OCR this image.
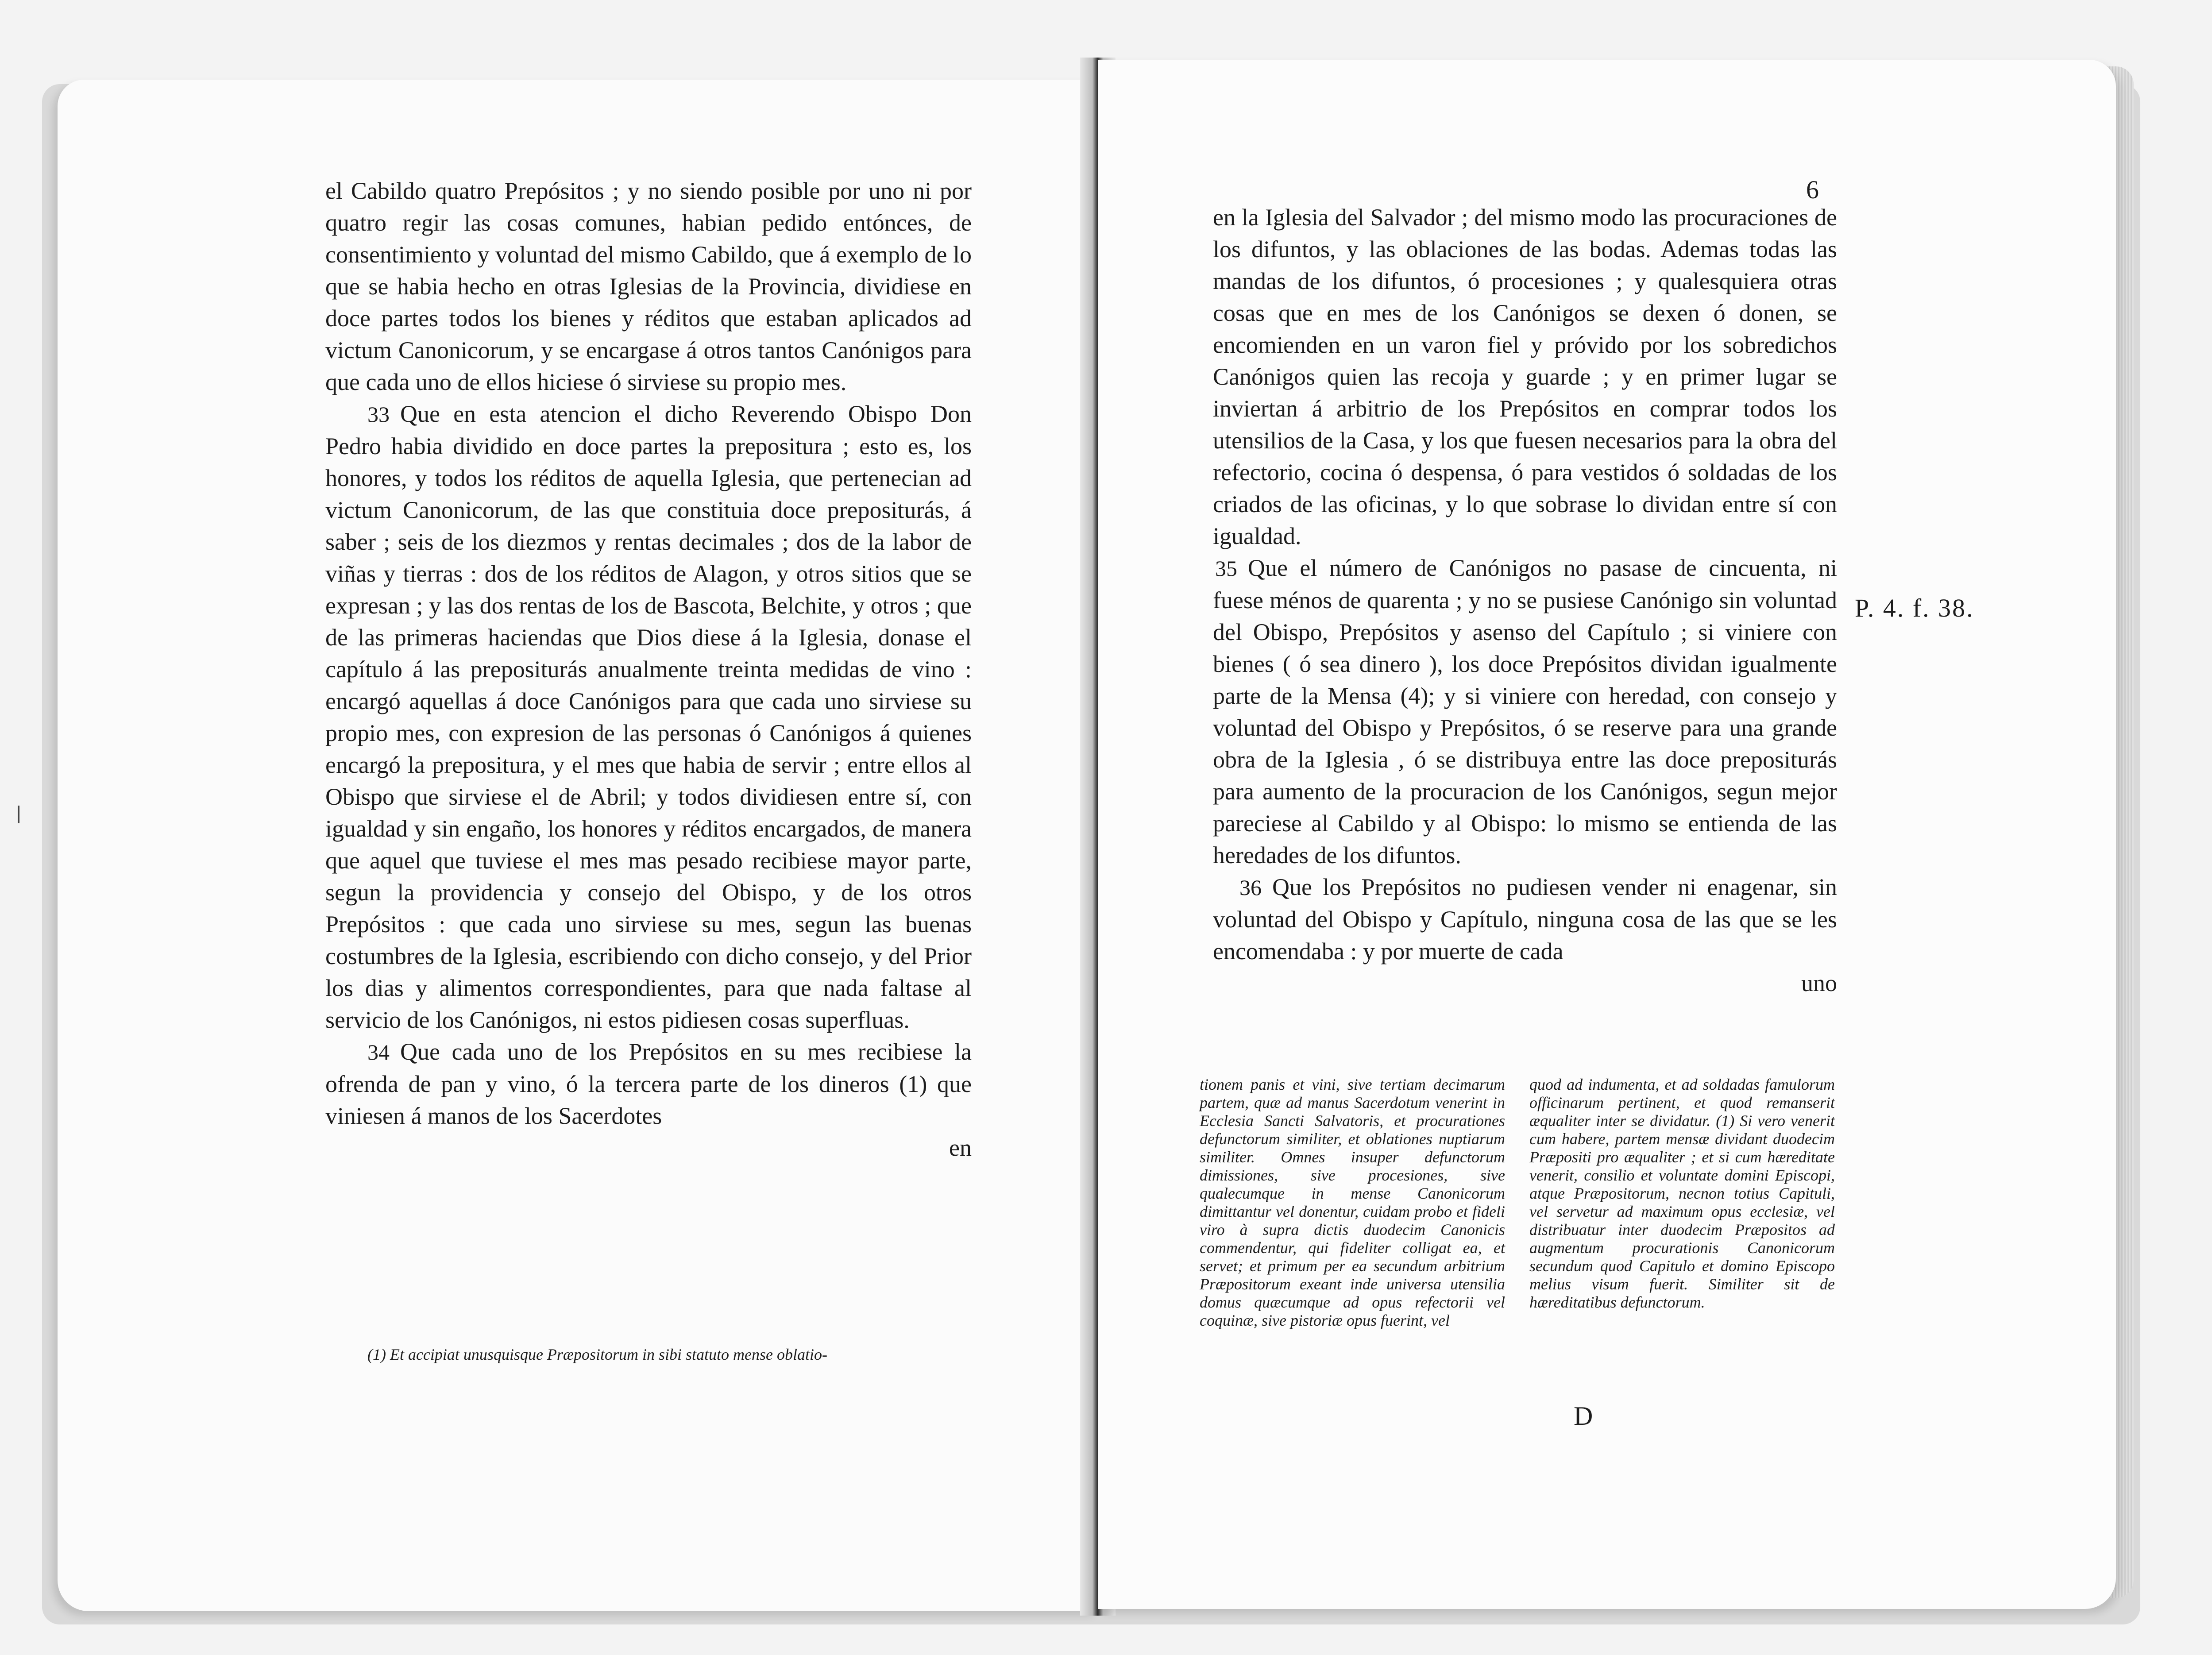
el Cabildo quatro Prepósitos ; y no siendo posible por uno ni por quatro regir las cosas comunes, habian pedido entónces, de consentimiento y voluntad del mismo Cabildo, que á exemplo de lo que se habia hecho en otras Iglesias de la Provincia, dividiese en doce partes todos los bienes y réditos que estaban aplicados ad victum Canonicorum, y se encargase á otros tantos Canónigos para que cada uno de ellos hiciese ó sirviese su propio mes.
33 Que en esta atencion el dicho Reverendo Obispo Don Pedro habia dividido en doce partes la prepositura ; esto es, los honores, y todos los réditos de aquella Iglesia, que pertenecian ad victum Canonicorum, de las que constituia doce prepositurás, á saber ; seis de los diezmos y rentas decimales ; dos de la labor de viñas y tierras : dos de los réditos de Alagon, y otros sitios que se expresan ; y las dos rentas de los de Bascota, Belchite, y otros ; que de las primeras haciendas que Dios diese á la Iglesia, donase el capítulo á las prepositurás anualmente treinta medidas de vino : encargó aquellas á doce Canónigos para que cada uno sirviese su propio mes, con expresion de las personas ó Canónigos á quienes encargó la prepositura, y el mes que habia de servir ; entre ellos al Obispo que sirviese el de Abril; y todos dividiesen entre sí, con igualdad y sin engaño, los honores y réditos encargados, de manera que aquel que tuviese el mes mas pesado recibiese mayor parte, segun la providencia y consejo del Obispo, y de los otros Prepósitos : que cada uno sirviese su mes, segun las buenas costumbres de la Iglesia, escribiendo con dicho consejo, y del Prior los dias y alimentos correspondientes, para que nada faltase al servicio de los Canónigos, ni estos pidiesen cosas superfluas.
34 Que cada uno de los Prepósitos en su mes recibiese la ofrenda de pan y vino, ó la tercera parte de los dineros (1) que viniesen á manos de los Sacerdotes
en
(1) Et accipiat unusquisque Præpositorum in sibi statuto mense oblatio-
6
en la Iglesia del Salvador ; del mismo modo las procuraciones de los difuntos, y las oblaciones de las bodas. Ademas todas las mandas de los difuntos, ó procesiones ; y qualesquiera otras cosas que en mes de los Canónigos se dexen ó donen, se encomienden en un varon fiel y próvido por los sobredichos Canónigos quien las recoja y guarde ; y en primer lugar se inviertan á arbitrio de los Prepósitos en comprar todos los utensilios de la Casa, y los que fuesen necesarios para la obra del refectorio, cocina ó despensa, ó para vestidos ó soldadas de los criados de las oficinas, y lo que sobrase lo dividan entre sí con igualdad.
35 Que el número de Canónigos no pasase de cincuenta, ni fuese ménos de quarenta ; y no se pusiese Canónigo sin voluntad del Obispo, Prepósitos y asenso del Capítulo ; si viniere con bienes ( ó sea dinero ), los doce Prepósitos dividan igualmente parte de la Mensa (4); y si viniere con heredad, con consejo y voluntad del Obispo y Prepósitos, ó se reserve para una grande obra de la Iglesia , ó se distribuya entre las doce prepositurás para aumento de la procuracion de los Canónigos, segun mejor pareciese al Cabildo y al Obispo: lo mismo se entienda de las heredades de los difuntos.
36 Que los Prepósitos no pudiesen vender ni enagenar, sin voluntad del Obispo y Capítulo, ninguna cosa de las que se les encomendaba : y por muerte de cada
uno
P. 4. f. 38.
tionem panis et vini, sive tertiam decimarum partem, quæ ad manus Sacerdotum venerint in Ecclesia Sancti Salvatoris, et procurationes defunctorum similiter, et oblationes nuptiarum similiter. Omnes insuper defunctorum dimissiones, sive procesiones, sive qualecumque in mense Canonicorum dimittantur vel donentur, cuidam probo et fideli viro à supra dictis duodecim Canonicis commendentur, qui fideliter colligat ea, et servet; et primum per ea secundum arbitrium Præpositorum exeant inde universa utensilia domus quæcumque ad opus refectorii vel coquinæ, sive pistoriæ opus fuerint, vel
quod ad indumenta, et ad soldadas famulorum officinarum pertinent, et quod remanserit æqualiter inter se dividatur. (1) Si vero venerit cum habere, partem mensæ dividant duodecim Præpositi pro æqualiter ; et si cum hæreditate venerit, consilio et voluntate domini Episcopi, atque Præpositorum, necnon totius Capituli, vel servetur ad maximum opus ecclesiæ, vel distribuatur inter duodecim Præpositos ad augmentum procurationis Canonicorum secundum quod Capitulo et domino Episcopo melius visum fuerit. Similiter sit de hæreditatibus defunctorum.
D
